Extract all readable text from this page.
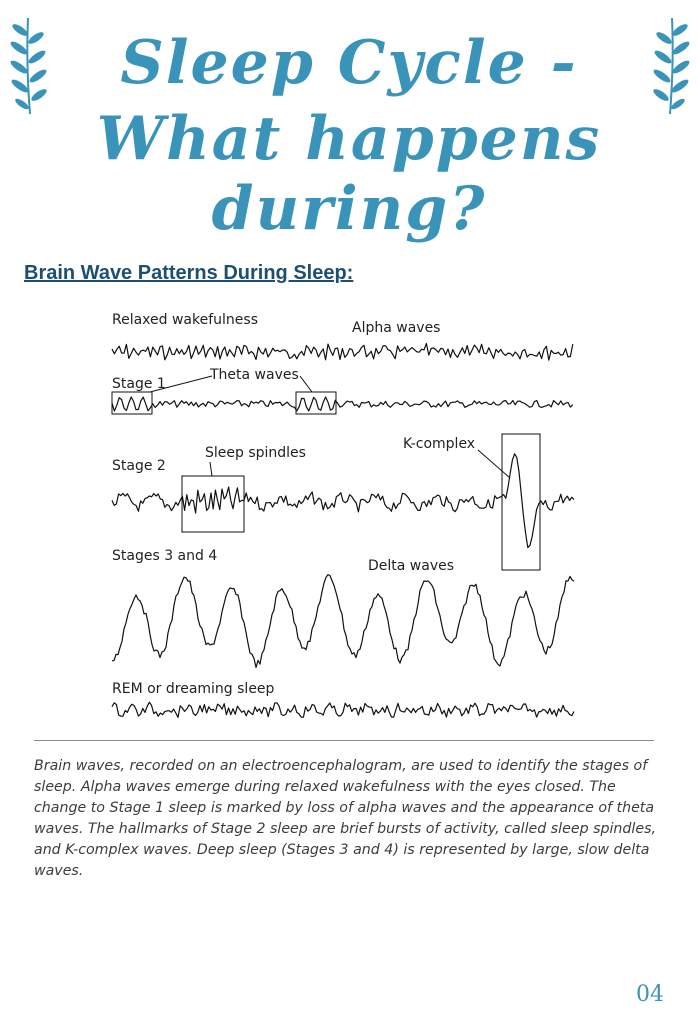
Sleep Cycle -
What happens during?
Brain Wave Patterns During Sleep:
Relaxed wakefulness	Alpha waves
Stage 1
Theta waves
Stage 2
Sleep spindles
K-complex
Stages 3 and 4
Delta waves
REM or dreaming sleep

Brain waves, recorded on an electroencephalogram, are used to identify the stages of sleep. Alpha waves emerge during relaxed wakefulness with the eyes closed. The change to Stage 1 sleep is marked by loss of alpha waves and the appearance of theta waves. The hallmarks of Stage 2 sleep are brief bursts of activity, called sleep spindles, and K-complex waves. Deep sleep (Stages 3 and 4) is represented by large, slow delta waves.

04
